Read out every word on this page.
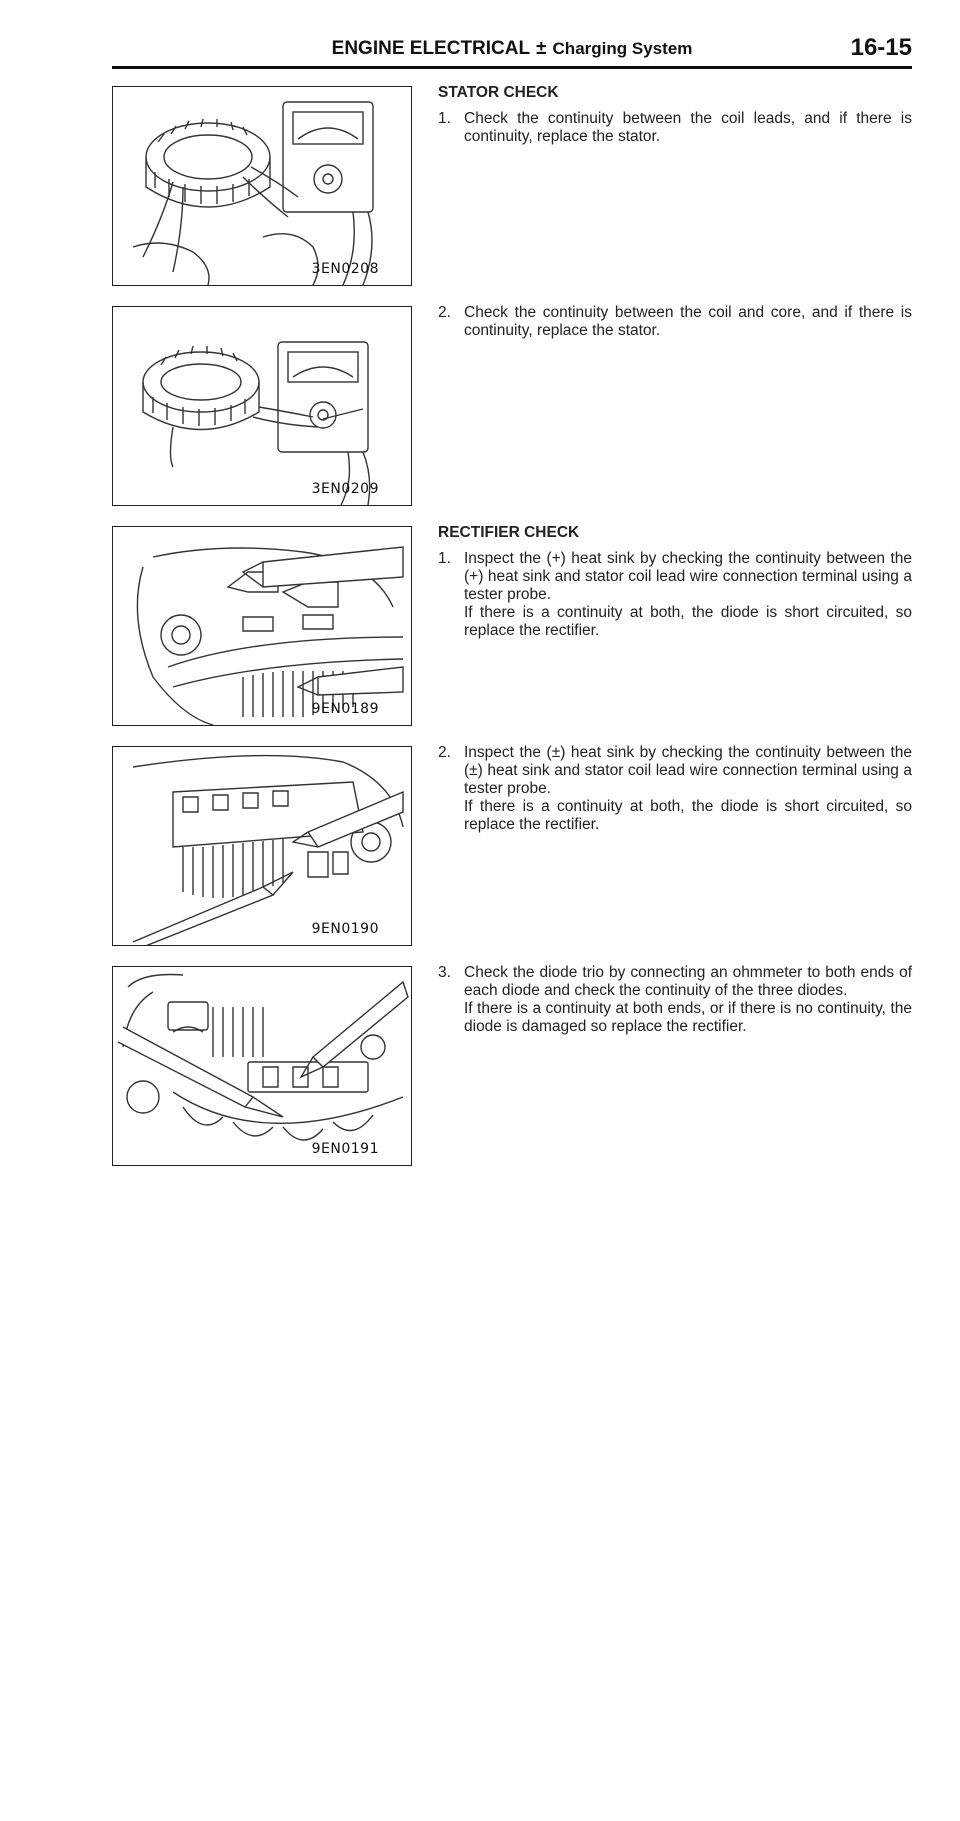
ENGINE ELECTRICAL ± Charging System	16-15
3EN0208
3EN0209
9EN0189
9EN0190
9EN0191
STATOR CHECK
1. Check the continuity between the coil leads, and if there is continuity, replace the stator.

2. Check the continuity between the coil and core, and if there is continuity, replace the stator.

RECTIFIER CHECK
1. Inspect the (+) heat sink by checking the continuity between the (+) heat sink and stator coil lead wire connection terminal using a tester probe.

If there is a continuity at both, the diode is short circuited, so replace the rectifier.

2. Inspect the (±) heat sink by checking the continuity between the (±) heat sink and stator coil lead wire connection terminal using a tester probe.

If there is a continuity at both, the diode is short circuited, so replace the rectifier.

3. Check the diode trio by connecting an ohmmeter to both ends of each diode and check the continuity of the three diodes.

If there is a continuity at both ends, or if there is no continuity, the diode is damaged so replace the rectifier.
